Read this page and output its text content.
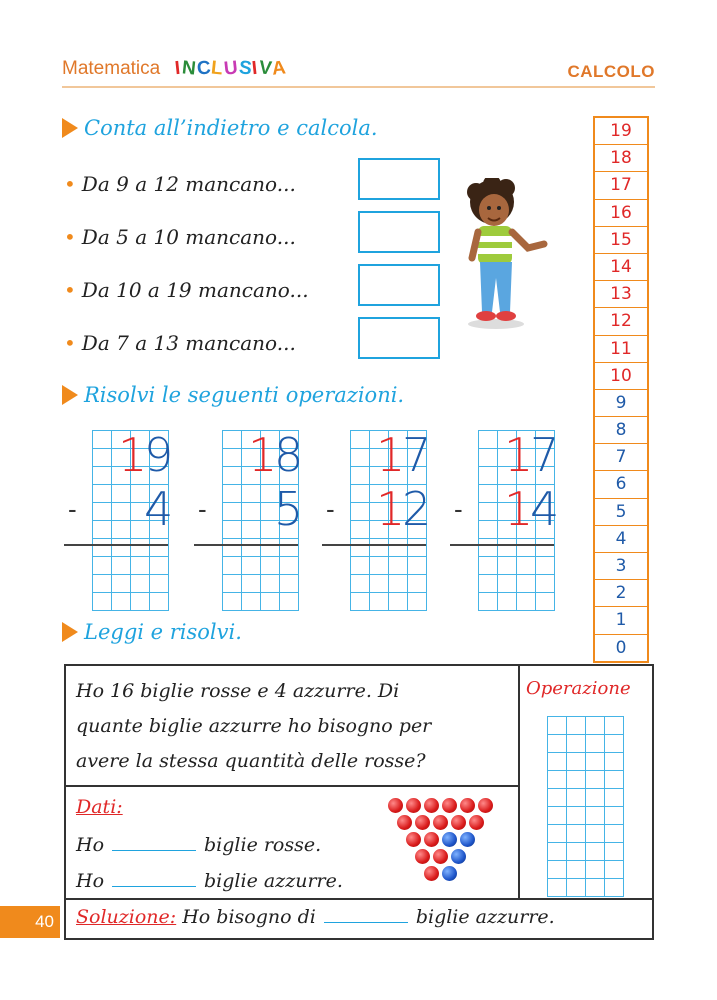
Matematica INCLUSIVA	CALCOLO
Conta all’indietro e calcola.
• Da 9 a 12 mancano...
• Da 5 a 10 mancano...
• Da 10 a 19 mancano...
• Da 7 a 13 mancano...
19
18
17
16
15
14
13
12
11
10
9
8
7
6
5
4
3
2
1
0
Risolvi le seguenti operazioni.

1
9
4
-

1
8
5
-

1
7
1
2
-

1
7
1
4
-
Leggi e risolvi.
Ho 16 biglie rosse e 4 azzurre. Di
quante biglie azzurre ho bisogno per
avere la stessa quantità delle rosse?
Operazione

Dati:
Ho	biglie rosse.
Ho	biglie azzurre.
Soluzione: Ho bisogno di	biglie azzurre.
40
